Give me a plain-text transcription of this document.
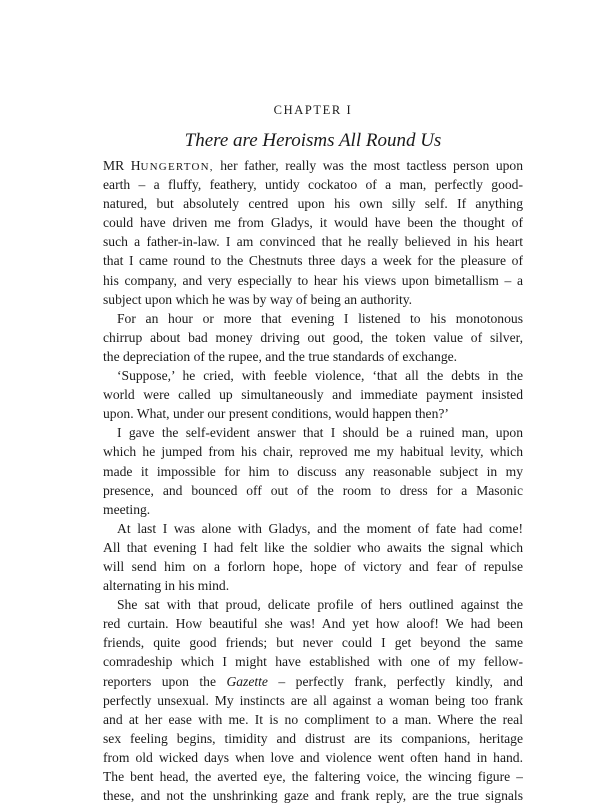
CHAPTER I
There are Heroisms All Round Us
MR HUNGERTON, her father, really was the most tactless person upon
earth – a fluffy, feathery, untidy cockatoo of a man, perfectly good-
natured, but absolutely centred upon his own silly self. If anything
could have driven me from Gladys, it would have been the thought of
such a father-in-law. I am convinced that he really believed in his heart
that I came round to the Chestnuts three days a week for the pleasure of
his company, and very especially to hear his views upon bimetallism – a
subject upon which he was by way of being an authority.
For an hour or more that evening I listened to his monotonous
chirrup about bad money driving out good, the token value of silver,
the depreciation of the rupee, and the true standards of exchange.
‘Suppose,’ he cried, with feeble violence, ‘that all the debts in the
world were called up simultaneously and immediate payment insisted
upon. What, under our present conditions, would happen then?’
I gave the self-evident answer that I should be a ruined man, upon
which he jumped from his chair, reproved me my habitual levity, which
made it impossible for him to discuss any reasonable subject in my
presence, and bounced off out of the room to dress for a Masonic
meeting.
At last I was alone with Gladys, and the moment of fate had come!
All that evening I had felt like the soldier who awaits the signal which
will send him on a forlorn hope, hope of victory and fear of repulse
alternating in his mind.
She sat with that proud, delicate profile of hers outlined against the
red curtain. How beautiful she was! And yet how aloof! We had been
friends, quite good friends; but never could I get beyond the same
comradeship which I might have established with one of my fellow-
reporters upon the Gazette – perfectly frank, perfectly kindly, and
perfectly unsexual. My instincts are all against a woman being too frank
and at her ease with me. It is no compliment to a man. Where the real
sex feeling begins, timidity and distrust are its companions, heritage
from old wicked days when love and violence went often hand in hand.
The bent head, the averted eye, the faltering voice, the wincing figure –
these, and not the unshrinking gaze and frank reply, are the true signals
